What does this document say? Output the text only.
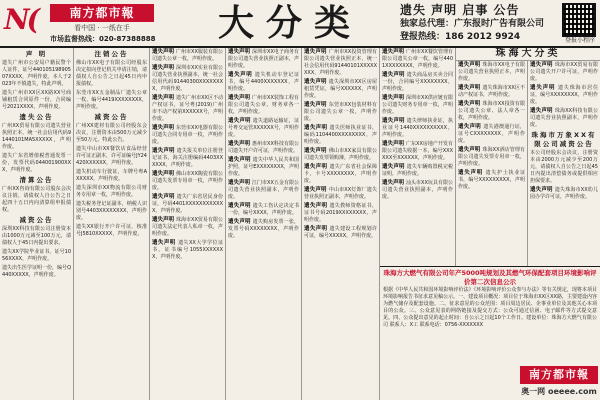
N(	南方都市報
看中国 · 一纸在手
市场监督热线：020-87388888	大分类	遗失 声明 启事 公告
独家总代理：广东报时广告有限公司
登报热线：186 2012 9924	登报小程序
声 明
遗失广州市公安局户籍民警个人证件，证号44010519890507XXXX，声明作废。本人于2023年不慎遗失，特此声明。
遗失广州市XX区XX路XX号商铺租赁合同原件一份，合同编号2021XXXX，声明作废。
遗失公告
广州XX贸易有限公司遗失营业执照正本，统一社会信用代码91440101MA5XXXXX，声明作废。
遗失广东省增值税普通发票一份，发票代码044001900XXX，声明作废。
清算公告
广州XX咨询有限公司股东会决议注销，请债权人自公告之日起四十五日内向清算组申报债权。
减资公告
深圳XX科技有限公司注册资本由1000万元减至100万元，请债权人于45日内提出要求。
遗失XX学院毕业证书，证号1056XXXX，声明作废。
遗失出生医学证明一份，编号Q440XXXXX，声明作废。
注销公告
佛山市XX电子有限公司经股东决定拟向登记机关申请注销，请债权人自公告之日起45日内申报债权。
东莞市XX五金制品厂遗失公章一枚，编号4419XXXXXXXX，声明作废。
减资公告
广州XX建材有限公司经股东会决议，注册资本由500万元减少至50万元，特此公告。
遗失中山市XX餐饮店食品经营许可证正副本，许可证编号JY24420XXXXXX，声明作废。
遗失机动车行驶证，车牌号粤AXXXXX，声明作废。
遗失深圳市XX物流有限公司财务专用章一枚，声明作废。
遗失税务登记证副本，纳税人识别号4403XXXXXXXX，声明作废。
遗失XX银行开户许可证，核准号J5810XXXXX，声明作废。
遗失声明 广州市XX服装有限公司遗失公章一枚，声明作废。
遗失声明 深圳市XX实业有限公司遗失营业执照副本，统一社会信用代码91440300XXXXXXXX，声明作废。
遗失声明 遗失广州市XX区不动产权证书，证号粤(2019)广州市不动产权第XXXXXX号，声明作废。
遗失声明 东莞市XX电器有限公司遗失合同专用章一枚，声明作废。
遗失声明 遗失报关单位注册登记证书，海关注册编码4403XXXXXX，声明作废。
遗失声明 佛山市XX陶瓷有限公司遗失发票专用章一枚，声明作废。
遗失声明 遗失广东省居民身份证，号码4401XXXXXXXXXXXX，声明作废。
遗失声明 珠海市XX贸易有限公司遗失法定代表人私章一枚，声明作废。
遗失声明 遗失XX大学学位证书，证书编号1055XXXXXXX，声明作废。
遗失声明 深圳市XX电子商务有限公司遗失营业执照正副本，声明作废。
遗失声明 遗失机动车登记证书，编号4400XXXXXXX，声明作废。
遗失声明 广州市XX装饰工程有限公司遗失公章、财务章各一枚，声明作废。
遗失声明 遗失道路运输证，证号粤交运管XXXXXX号，声明作废。
遗失声明 惠州市XX科技有限公司遗失开户许可证，声明作废。
遗失声明 遗失中华人民共和国护照，证号EXXXXXXXX，声明作废。
遗失声明 江门市XX五金有限公司遗失营业执照副本，声明作废。
遗失声明 遗失工伤认定决定书一份，编号XXXX，声明作废。
遗失声明 遗失购房发票一张，发票号码XXXXXXXX，声明作废。
遗失声明 广州市XX投资管理有限公司遗失营业执照正本，统一社会信用代码91440101XXXXXXXX，声明作废。
遗失声明 遗失深圳市XX区房屋租赁凭证，编号XXXXXX，声明作废。
遗失声明 东莞市XX包装材料有限公司遗失公章一枚，声明作废。
遗失声明 遗失医师执业证书，编码1104400XXXXXXXX，声明作废。
遗失声明 佛山市XX家具有限公司遗失发票领购簿，声明作废。
遗失声明 遗失广东省社会保障卡，卡号XXXXXXXX，声明作废。
遗失声明 中山市XX灯饰厂遗失营业执照正副本，声明作废。
遗失声明 遗失教师资格证书，证书号码2019XXXXXXXX，声明作废。
遗失声明 遗失建设工程规划许可证，编号XXXXX，声明作废。
遗失声明 广州市XX餐饮管理有限公司遗失公章一枚，编号4401XXXXXXXX，声明作废。
遗失声明 遗失商品房买卖合同一份，合同编号XXXXXXXX，声明作废。
遗失声明 深圳市XX供应链有限公司遗失财务专用章一枚，声明作废。
遗失声明 遗失律师执业证，执业证号1440XXXXXXXXXX，声明作废。
遗失声明 广东XX房地产开发有限公司遗失收据一本，编号XXXXXX至XXXXXX，声明作废。
遗失声明 遗失车辆购置税完税证明，声明作废。
遗失声明 汕头市XX玩具有限公司遗失营业执照副本，声明作废。
珠海大分类
遗失声明 珠海市XX电子有限公司遗失营业执照正本，声明作废。
遗失声明 遗失珠海市XX区不动产权证书，声明作废。
遗失声明 珠海市XX投资有限公司遗失公章、法人章各一枚，声明作废。
遗失声明 遗失港澳通行证，证号CXXXXXXXX，声明作废。
遗失声明 珠海XX酒店管理有限公司遗失发票专用章一枚，声明作废。
遗失声明 遗失护士执业证书，编号XXXXXXXXX，声明作废。
遗失声明 珠海市XX贸易有限公司遗失开户许可证，声明作废。
遗失声明 遗失珠海市居住证，编号XXXXXXXX，声明作废。
遗失声明 珠海XX科技有限公司遗失营业执照副本，声明作废。
珠海市万象XX有限公司减资公告
本公司经股东会决议，注册资本由2000万元减少至200万元，请债权人自公告之日起45日内提出清偿债务或提供相应担保要求。
遗失声明 遗失珠海市XX幼儿园办学许可证，声明作废。
珠海方大燃气有限公司年产5000吨规划及其燃气环保配套项目环境影响评价第二次信息公示
根据《中华人民共和国环境影响评价法》《环境影响评价公众参与办法》等有关规定，现将本项目环境影响报告书征求意见稿公示。一、建设项目概况：项目位于珠海市XX区XX路，主要建设内容为燃气储存及配套设施。二、征求意见的公众范围：项目周边居民、企事业单位及其他关心本项目的公众。三、公众意见表的网络链接及提交方式：公众可通过信函、电子邮件等方式提交意见。四、公众提出意见的起止时间：自公示之日起10个工作日。建设单位：珠海方大燃气有限公司 联系人：X工 联系电话：0756-XXXXXXX
南方都市報
奥一网 oeeee.com
